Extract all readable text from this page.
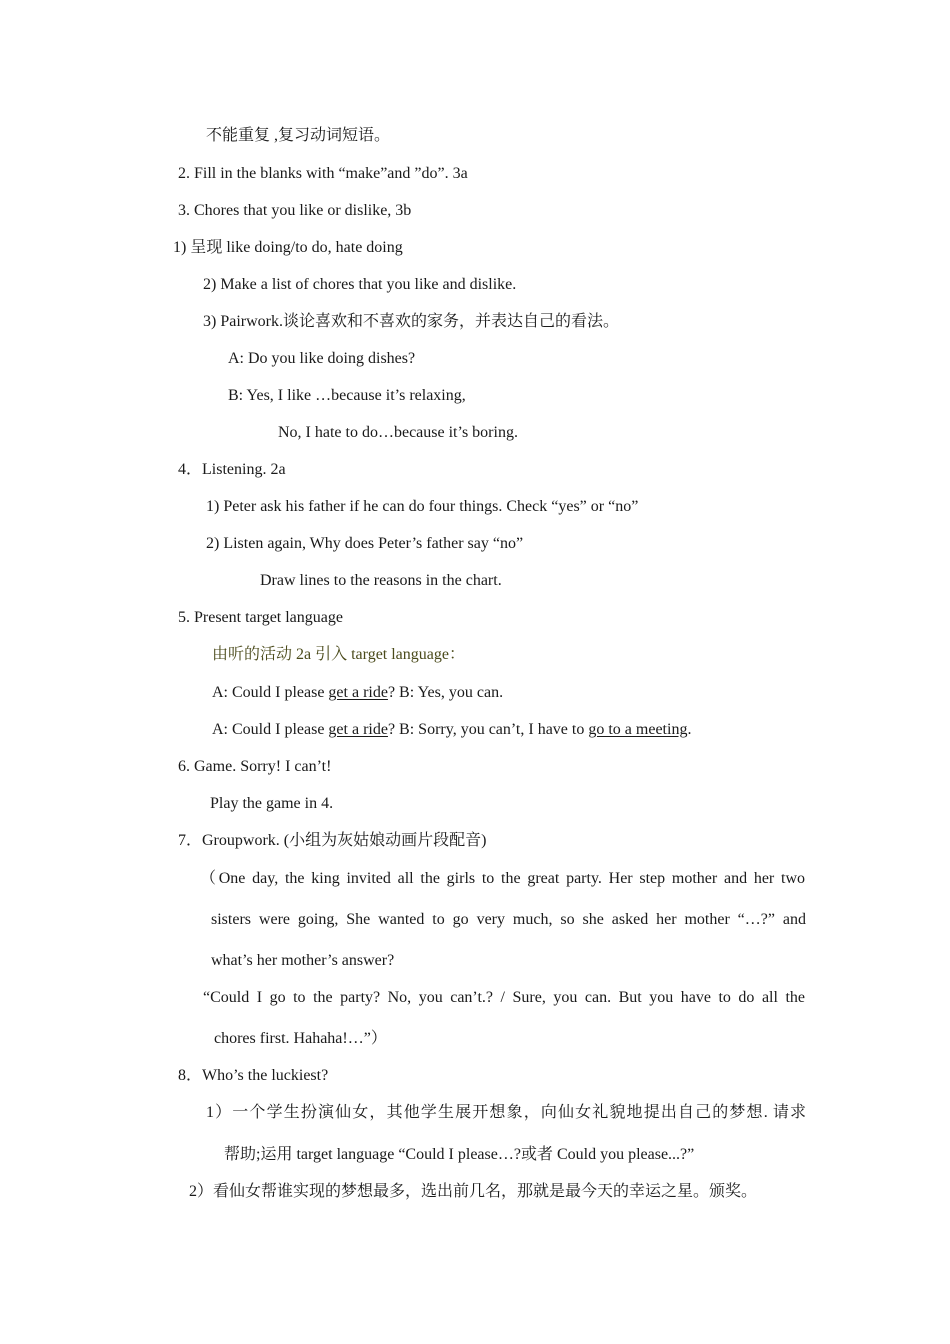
不能重复 ,复习动词短语。
2. Fill in the blanks with “make”and ”do”. 3a
3. Chores that you like or dislike, 3b
1) 呈现 like doing/to do, hate doing
2) Make a list of chores that you like and dislike.
3) Pairwork.谈论喜欢和不喜欢的家务，并表达自己的看法。
A: Do you like doing dishes?
B: Yes, I like …because it’s relaxing,
No, I hate to do…because it’s boring.
4．Listening. 2a
1) Peter ask his father if he can do four things. Check “yes” or “no”
2) Listen again, Why does Peter’s father say “no”
Draw lines to the reasons in the chart.
5. Present target language
由听的活动 2a 引入 target language：
A: Could I please get a ride? B: Yes, you can.
A: Could I please get a ride? B: Sorry, you can’t, I have to go to a meeting.
6. Game. Sorry! I can’t!
Play the game in 4.
7．Groupwork. (小组为灰姑娘动画片段配音)
（One day, the king invited all the girls to the great party. Her step mother and her two
sisters were going, She wanted to go very much, so she asked her mother “…?” and
what’s her mother’s answer?
“Could I go to the party? No, you can’t.? / Sure, you can. But you have to do all the
chores first. Hahaha!…”）
8．Who’s the luckiest?
1）一个学生扮演仙女，其他学生展开想象，向仙女礼貌地提出自己的梦想. 请求
帮助;运用 target language “Could I please…?或者 Could you please...?”
2）看仙女帮谁实现的梦想最多，选出前几名，那就是最今天的幸运之星。颁奖。
